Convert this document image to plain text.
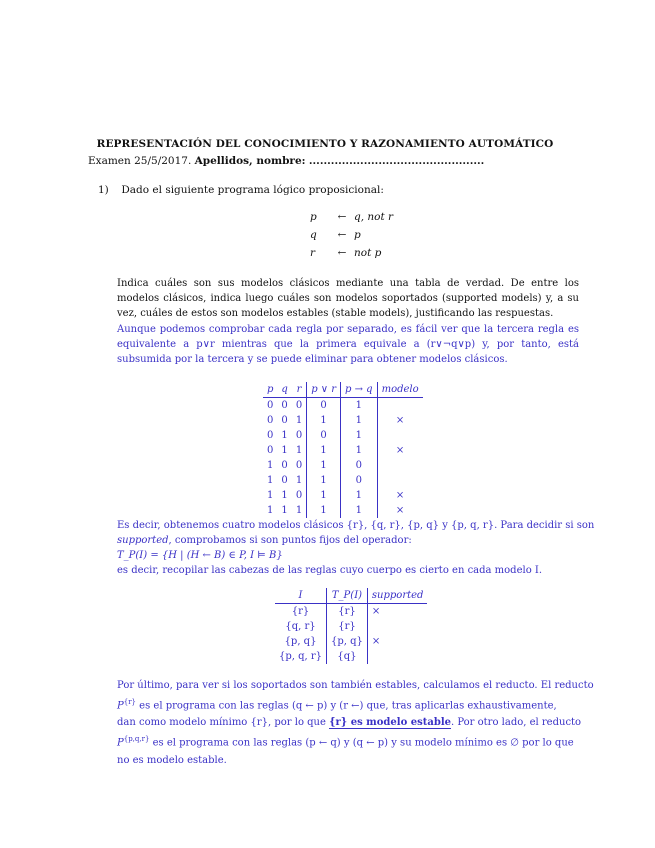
REPRESENTACIÓN DEL CONOCIMIENTO Y RAZONAMIENTO AUTOMÁTICO
Examen 25/5/2017. Apellidos, nombre: ................................................
1) Dado el siguiente programa lógico proposicional:
p ← q, not r
q ← p
r ← not p
Indica cuáles son sus modelos clásicos mediante una tabla de verdad. De entre los modelos clásicos, indica luego cuáles son modelos soportados (supported models) y, a su vez, cuáles de estos son modelos estables (stable models), justificando las respuestas.
Aunque podemos comprobar cada regla por separado, es fácil ver que la tercera regla es equivalente a p∨r mientras que la primera equivale a (r∨¬q∨p) y, por tanto, está subsumida por la tercera y se puede eliminar para obtener modelos clásicos.
p	q	r	p ∨ r	p → q	modelo
0	0	0	0	1	
0	0	1	1	1	×
0	1	0	0	1	
0	1	1	1	1	×
1	0	0	1	0	
1	0	1	1	0	
1	1	0	1	1	×
1	1	1	1	1	×
Es decir, obtenemos cuatro modelos clásicos {r}, {q, r}, {p, q} y {p, q, r}. Para decidir si son
supported, comprobamos si son puntos fijos del operador:
T_P(I) = {H | (H ← B) ∈ P, I ⊨ B}
es decir, recopilar las cabezas de las reglas cuyo cuerpo es cierto en cada modelo I.
I	T_P(I)	supported
{r}	{r}	×
{q, r}	{r}	
{p, q}	{p, q}	×
{p, q, r}	{q}	
Por último, para ver si los soportados son también estables, calculamos el reducto. El reducto
$P^{\{r\}}$ es el programa con las reglas (q ← p) y (r ←) que, tras aplicarlas exhaustivamente,
dan como modelo mínimo {r}, por lo que {r} es modelo estable. Por otro lado, el reducto
$P^{\{p,q,r\}}$ es el programa con las reglas (p ← q) y (q ← p) y su modelo mínimo es ∅ por lo que
no es modelo estable.
